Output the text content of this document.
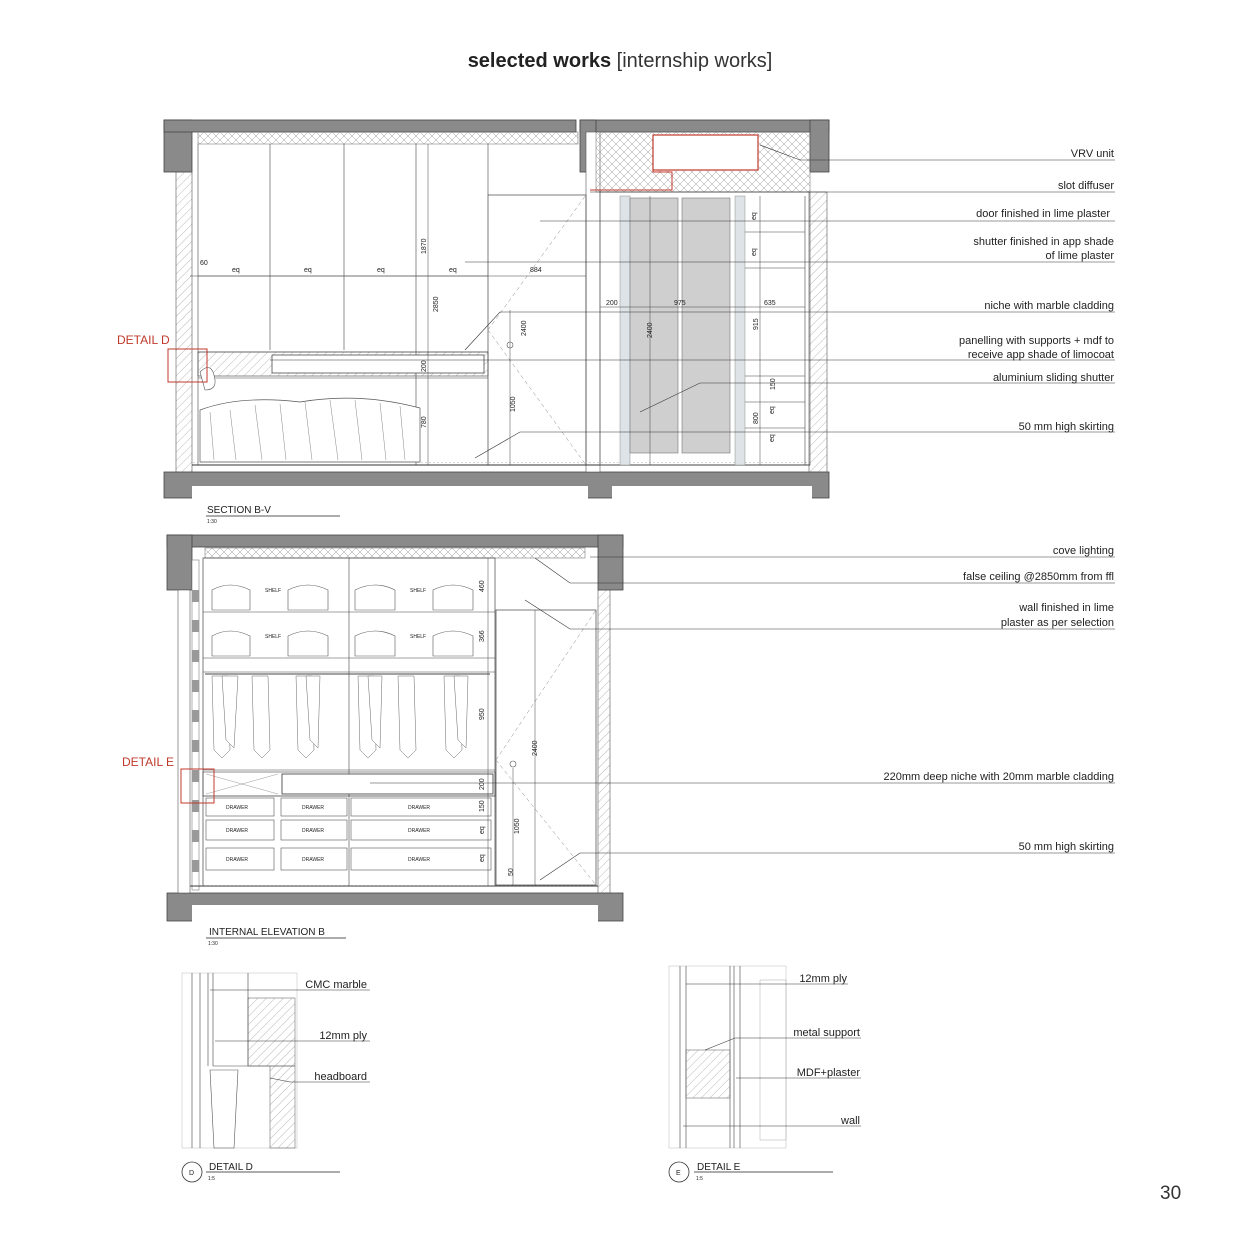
selected works [internship works]
60
eq	eq	eq	eq	884
1870
2850
2400
200
780
1050
200	975	635
2400	915
150
800
eq
eq
eq
eq
DETAIL D
VRV unit
slot diffuser
door finished in lime plaster
shutter finished in app shade
of lime plaster
niche with marble cladding
panelling with supports + mdf to
receive app shade of limocoat
aluminium sliding shutter
50 mm high skirting
SECTION B-V
1:30
SHELF	SHELF
SHELF	SHELF
DRAWER	DRAWER	DRAWER
DRAWER	DRAWER	DRAWER
DRAWER	DRAWER	DRAWER
460
366
950
200
150
eq
eq
1050
2400
50
DETAIL E
cove lighting
false ceiling @2850mm from ffl
wall finished in lime
plaster as per selection
220mm deep niche with 20mm marble cladding
50 mm high skirting
INTERNAL ELEVATION B
1:30
CMC marble
12mm ply
headboard
D
DETAIL D
1:5
12mm ply
metal support
MDF+plaster
wall
E
DETAIL E
1:5
30
